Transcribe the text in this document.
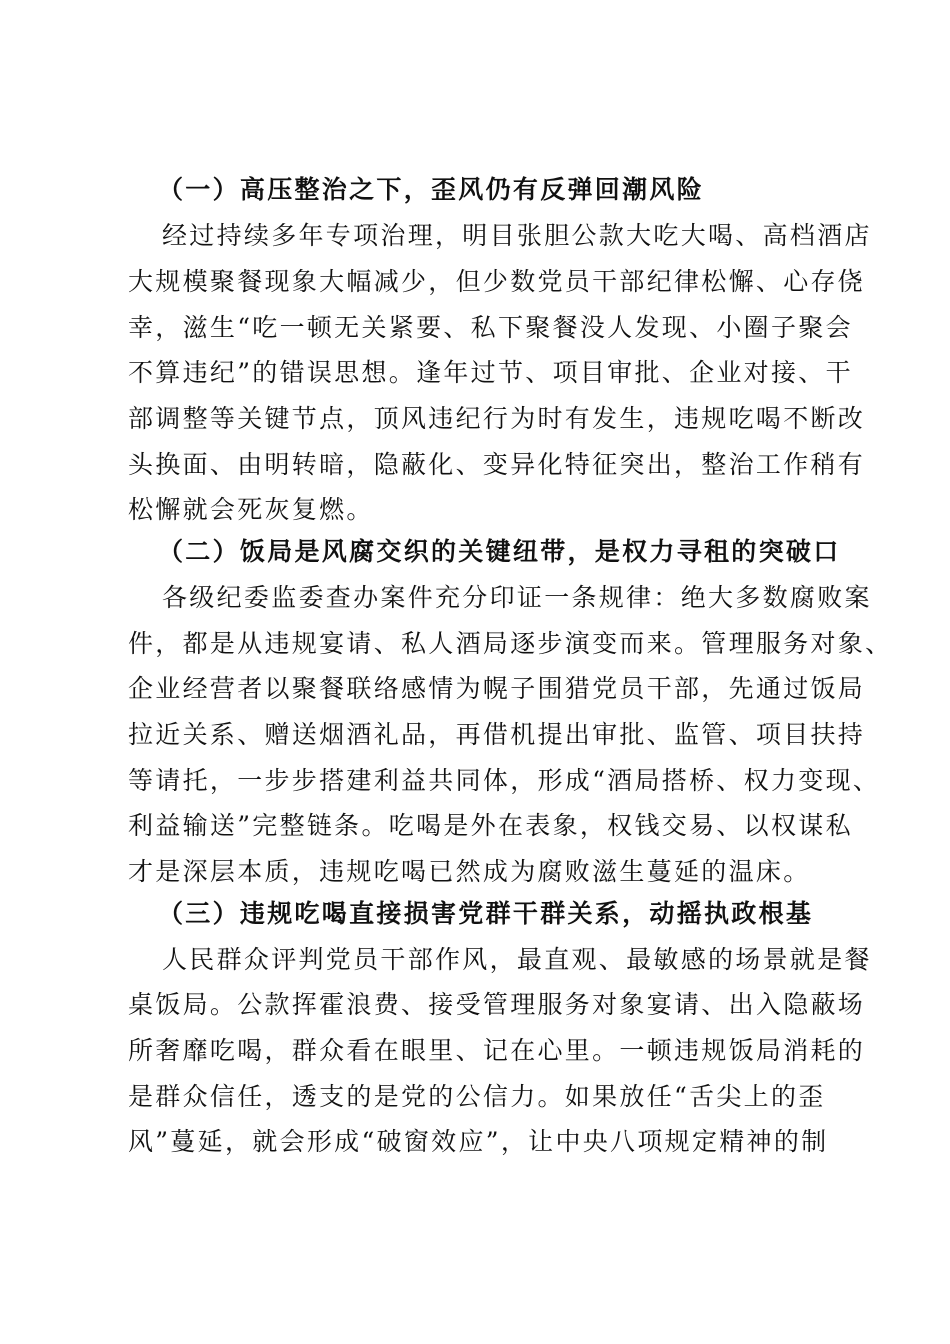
（一）高压整治之下，歪风仍有反弹回潮风险
经过持续多年专项治理，明目张胆公款大吃大喝、高档酒店
大规模聚餐现象大幅减少，但少数党员干部纪律松懈、心存侥
幸，滋生“吃一顿无关紧要、私下聚餐没人发现、小圈子聚会
不算违纪”的错误思想。逢年过节、项目审批、企业对接、干
部调整等关键节点，顶风违纪行为时有发生，违规吃喝不断改
头换面、由明转暗，隐蔽化、变异化特征突出，整治工作稍有
松懈就会死灰复燃。
（二）饭局是风腐交织的关键纽带，是权力寻租的突破口
各级纪委监委查办案件充分印证一条规律：绝大多数腐败案
件，都是从违规宴请、私人酒局逐步演变而来。管理服务对象、
企业经营者以聚餐联络感情为幌子围猎党员干部，先通过饭局
拉近关系、赠送烟酒礼品，再借机提出审批、监管、项目扶持
等请托，一步步搭建利益共同体，形成“酒局搭桥、权力变现、
利益输送”完整链条。吃喝是外在表象，权钱交易、以权谋私
才是深层本质，违规吃喝已然成为腐败滋生蔓延的温床。
（三）违规吃喝直接损害党群干群关系，动摇执政根基
人民群众评判党员干部作风，最直观、最敏感的场景就是餐
桌饭局。公款挥霍浪费、接受管理服务对象宴请、出入隐蔽场
所奢靡吃喝，群众看在眼里、记在心里。一顿违规饭局消耗的
是群众信任，透支的是党的公信力。如果放任“舌尖上的歪
风”蔓延，就会形成“破窗效应”，让中央八项规定精神的制
